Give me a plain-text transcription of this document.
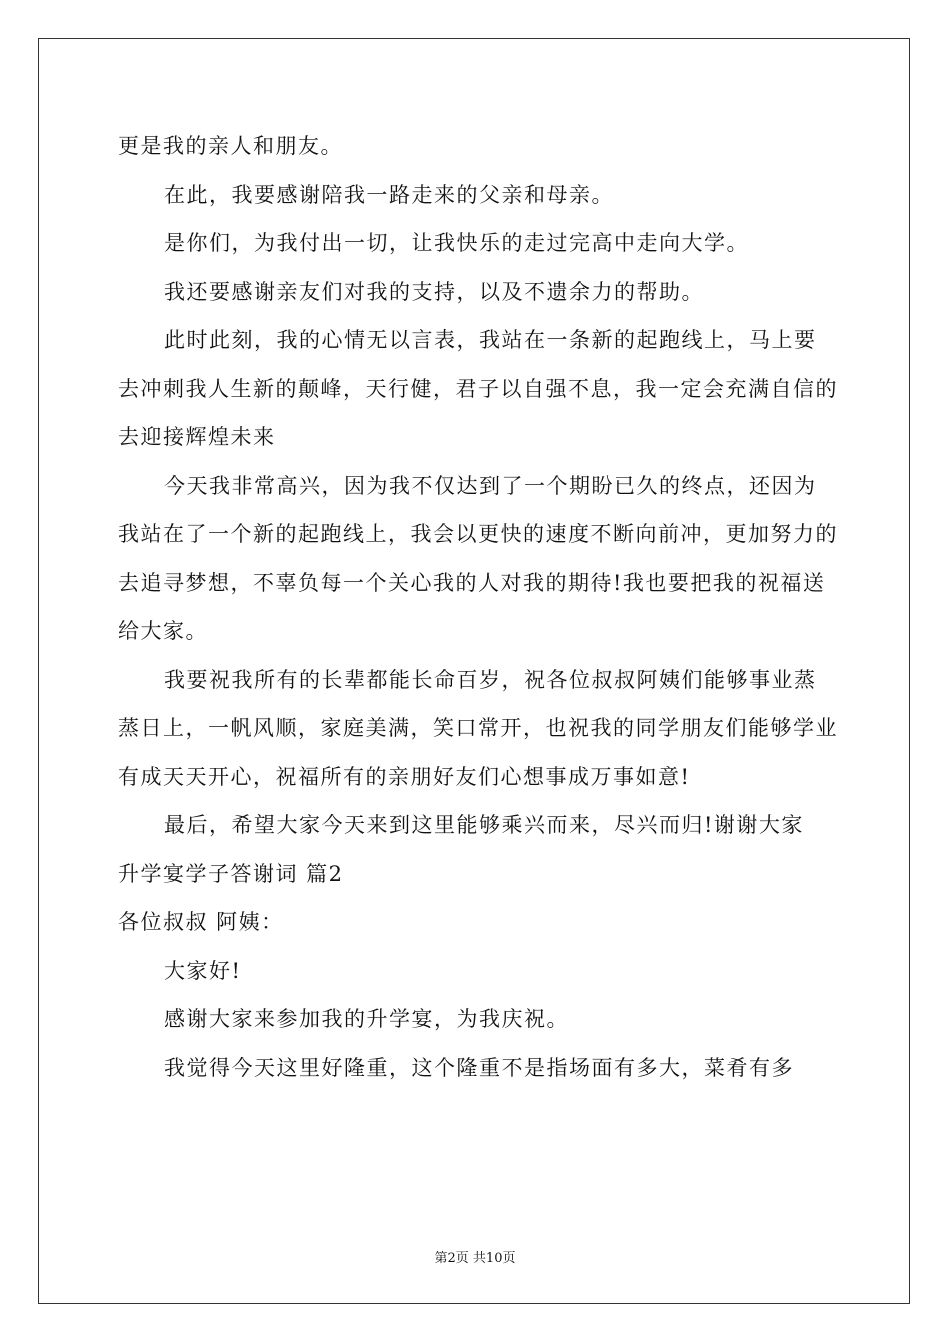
更是我的亲人和朋友。

在此，我要感谢陪我一路走来的父亲和母亲。

是你们，为我付出一切，让我快乐的走过完高中走向大学。

我还要感谢亲友们对我的支持，以及不遗余力的帮助。

此时此刻，我的心情无以言表，我站在一条新的起跑线上，马上要去冲刺我人生新的颠峰，天行健，君子以自强不息，我一定会充满自信的去迎接辉煌未来

今天我非常高兴，因为我不仅达到了一个期盼已久的终点，还因为我站在了一个新的起跑线上，我会以更快的速度不断向前冲，更加努力的去追寻梦想，不辜负每一个关心我的人对我的期待!我也要把我的祝福送给大家。

我要祝我所有的长辈都能长命百岁，祝各位叔叔阿姨们能够事业蒸蒸日上，一帆风顺，家庭美满，笑口常开，也祝我的同学朋友们能够学业有成天天开心，祝福所有的亲朋好友们心想事成万事如意!

最后，希望大家今天来到这里能够乘兴而来，尽兴而归!谢谢大家

升学宴学子答谢词 篇2

各位叔叔 阿姨：

大家好!

感谢大家来参加我的升学宴，为我庆祝。

我觉得今天这里好隆重，这个隆重不是指场面有多大，菜肴有多

第2页 共10页
